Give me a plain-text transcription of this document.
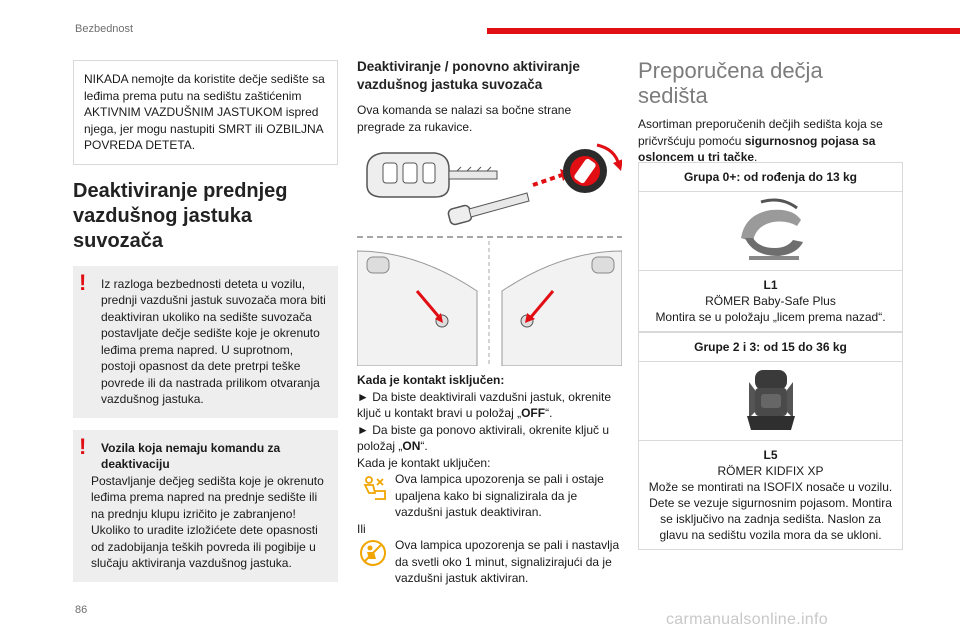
Bezbednost
NIKADA nemojte da koristite dečje sedište sa leđima prema putu na sedištu zaštićenim AKTIVNIM VAZDUŠNIM JASTUKOM ispred njega, jer mogu nastupiti SMRT ili OZBILJNA POVREDA DETETA.
Deaktiviranje prednjeg vazdušnog jastuka suvozača
!	Iz razloga bezbednosti deteta u vozilu, prednji vazdušni jastuk suvozača mora biti deaktiviran ukoliko na sedište suvozača postavljate dečje sedište koje je okrenuto leđima prema napred. U suprotnom, postoji opasnost da dete pretrpi teške povrede ili da nastrada prilikom otvaranja vazdušnog jastuka.
!	Vozila koja nemaju komandu za deaktivaciju
Postavljanje dečjeg sedišta koje je okrenuto leđima prema napred na prednje sedište ili na prednju klupu izričito je zabranjeno! Ukoliko to uradite izložićete dete opasnosti od zadobijanja teških povreda ili pogibije u slučaju aktiviranja vazdušnog jastuka.
Deaktiviranje / ponovno aktiviranje vazdušnog jastuka suvozača
Ova komanda se nalazi sa bočne strane pregrade za rukavice.
Kada je kontakt isključen:
► Da biste deaktivirali vazdušni jastuk, okrenite ključ u kontakt bravi u položaj „OFF“.
► Da biste ga ponovo aktivirali, okrenite ključ u položaj „ON“.
Kada je kontakt uključen:
Ova lampica upozorenja se pali i ostaje upaljena kako bi signalizirala da je vazdušni jastuk deaktiviran.
Ili
Ova lampica upozorenja se pali i nastavlja da svetli oko 1 minut, signalizirajući da je vazdušni jastuk aktiviran.
Preporučena dečja sedišta
Asortiman preporučenih dečjih sedišta koja se pričvršćuju pomoću sigurnosnog pojasa sa osloncem u tri tačke.
Grupa 0+: od rođenja do 13 kg
L1
RÖMER Baby-Safe Plus
Montira se u položaju „licem prema nazad“.
Grupe 2 i 3: od 15 do 36 kg
L5
RÖMER KIDFIX XP
Može se montirati na ISOFIX nosače u vozilu. Dete se vezuje sigurnosnim pojasom. Montira se isključivo na zadnja sedišta. Naslon za glavu na sedištu vozila mora da se ukloni.
86
carmanualsonline.info
